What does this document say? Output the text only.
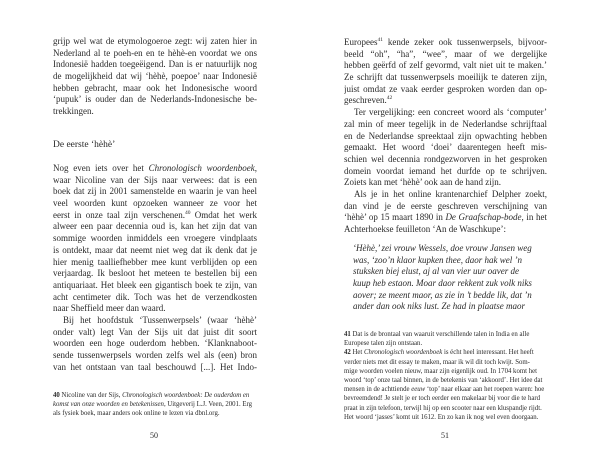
grijp wel wat de etymologoeroe zegt: wij zaten hier in
Nederland al te poeh-en en te hèhè-en voordat we ons
Indonesië hadden toegeëigend. Dan is er natuurlijk nog
de mogelijkheid dat wij ‘hèhè, poepoe’ naar Indonesië
hebben gebracht, maar ook het Indonesische woord
‘pupuk’ is ouder dan de Nederlands-Indonesische be-
trekkingen.
De eerste ‘hèhè’
Nog even iets over het Chronologisch woordenboek,
waar Nicoline van der Sijs naar verwees: dat is een
boek dat zij in 2001 samenstelde en waarin je van heel
veel woorden kunt opzoeken wanneer ze voor het
eerst in onze taal zijn verschenen.$^{40}$ Omdat het werk
alweer een paar decennia oud is, kan het zijn dat van
sommige woorden inmiddels een vroegere vindplaats
is ontdekt, maar dat neemt niet weg dat ik denk dat je
hier menig taalliefhebber mee kunt verblijden op een
verjaardag. Ik besloot het meteen te bestellen bij een
antiquariaat. Het bleek een gigantisch boek te zijn, van
acht centimeter dik. Toch was het de verzendkosten
naar Sheffield meer dan waard.
Bij het hoofdstuk ‘Tussenwerpsels’ (waar ‘hèhè’
onder valt) legt Van der Sijs uit dat juist dit soort
woorden een hoge ouderdom hebben. ‘Klanknaboot-
sende tussenwerpsels worden zelfs wel als (een) bron
van het ontstaan van taal beschouwd [...]. Het Indo-
40 Nicoline van der Sijs, Chronologisch woordenboek: De ouderdom en
komst van onze woorden en betekenissen, Uitgeverij L.J. Veen, 2001. Erg
als fysiek boek, maar anders ook online te lezen via dbnl.org.
50
Europees$^{41}$ kende zeker ook tussenwerpsels, bijvoor-
beeld “oh”, “ha”, “wee”, maar of we dergelijke
hebben geërfd of zelf gevormd, valt niet uit te maken.’
Ze schrijft dat tussenwerpsels moeilijk te dateren zijn,
juist omdat ze vaak eerder gesproken worden dan op-
geschreven.$^{42}$
Ter vergelijking: een concreet woord als ‘computer’
zal min of meer tegelijk in de Nederlandse schrijftaal
en de Nederlandse spreektaal zijn opwachting hebben
gemaakt. Het woord ‘doei’ daarentegen heeft mis-
schien wel decennia rondgezworven in het gesproken
domein voordat iemand het durfde op te schrijven.
Zoiets kan met ‘hèhè’ ook aan de hand zijn.
Als je in het online krantenarchief Delpher zoekt,
dan vind je de eerste geschreven verschijning van
‘hèhè’ op 15 maart 1890 in De Graafschap-bode, in het
Achterhoekse feuilleton ‘An de Waschkupe’:
‘Hèhè,’ zei vrouw Wessels, doe vrouw Jansen weg
was, ‘zoo’n klaor kupken thee, daor hak wel ’n
stuksken biej elust, aj al van vier uur oaver de
kuup heb estaon. Moar daor rekkent zuk volk niks
aover; ze meent maor, as zie in ’t bedde lik, dat ’n
ander dan ook niks lust. Ze had in plaatse maor
41 Dat is de brontaal van waaruit verschillende talen in India en alle
Europese talen zijn ontstaan.
42 Het Chronologisch woordenboek is écht heel interessant. Het heeft
verder niets met dit essay te maken, maar ik wil dit toch kwijt. Som-
mige woorden voelen nieuw, maar zijn eigenlijk oud. In 1704 komt het
woord ‘top’ onze taal binnen, in de betekenis van ‘akkoord’. Het idee dat
mensen in de achttiende eeuw ‘top’ naar elkaar aan het roepen waren: hoe
bevreemdend! Je stelt je er toch eerder een makelaar bij voor die te hard
praat in zijn telefoon, terwijl hij op een scooter naar een kluspandje rijdt.
Het woord ‘jasses’ komt uit 1612. En zo kan ik nog wel even doorgaan.
51
